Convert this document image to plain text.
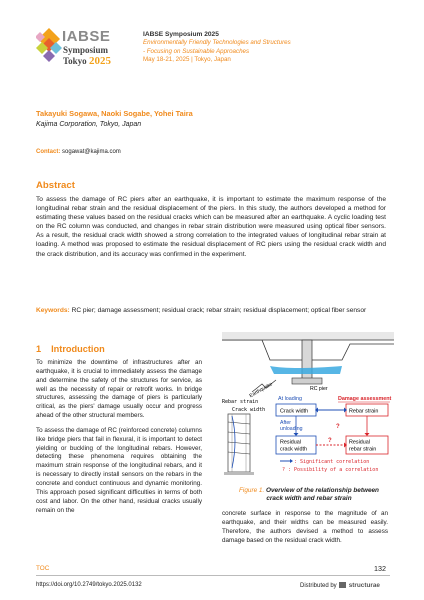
IABSE
Symposium
Tokyo 2025
IABSE Symposium 2025
Environmentally Friendly Technologies and Structures
- Focusing on Sustainable Approaches
May 18-21, 2025 | Tokyo, Japan
Takayuki Sogawa, Naoki Sogabe, Yohei Taira
Kajima Corporation, Tokyo, Japan
Contact: sogawat@kajima.com
Abstract
To assess the damage of RC piers after an earthquake, it is important to estimate the maximum response of the longitudinal rebar strain and the residual displacement of the piers. In this study, the authors developed a method for estimating these values based on the residual cracks which can be measured after an earthquake. A cyclic loading test on the RC column was conducted, and changes in rebar strain distribution were measured using optical fiber sensors. As a result, the residual crack width showed a strong correlation to the integrated values of longitudinal rebar strain at loading. A method was proposed to estimate the residual displacement of RC piers using the residual crack width and the crack distribution, and its accuracy was confirmed in the experiment.
Keywords: RC pier; damage assessment; residual crack; rebar strain; residual displacement; optical fiber sensor
1 Introduction

To minimize the downtime of infrastructures after an earthquake, it is crucial to immediately assess the damage and determine the safety of the structures for service, as well as the necessity of repair or retrofit works. In bridge structures, assessing the damage of piers is particularly critical, as the piers' damage usually occur and progress ahead of the other structural members.

To assess the damage of RC (reinforced concrete) columns like bridge piers that fail in flexural, it is important to detect yielding or buckling of the longitudinal rebars. However, detecting these phenomena requires obtaining the maximum strain response of the longitudinal rebars, and it is necessary to directly install sensors on the rebars in the concrete and conduct continuous and dynamic monitoring. This approach posed significant difficulties in terms of both cost and labor. On the other hand, residual cracks usually remain on the

Earthquake	RC pier
Rebar strain
Crack width
At loading	Damage assessment
Crack width	Rebar strain
After
unloading	?
Residual
crack width
Residual
rebar strain
?
: Significant correlation
? : Possibility of a correlation
Figure 1. Overview of the relationship between
crack width and rebar strain
concrete surface in response to the magnitude of an earthquake, and their widths can be measured easily. Therefore, the authors devised a method to assess damage based on the residual crack width.
TOC	132
https://doi.org/10.2749/tokyo.2025.0132	Distributed by structurae
